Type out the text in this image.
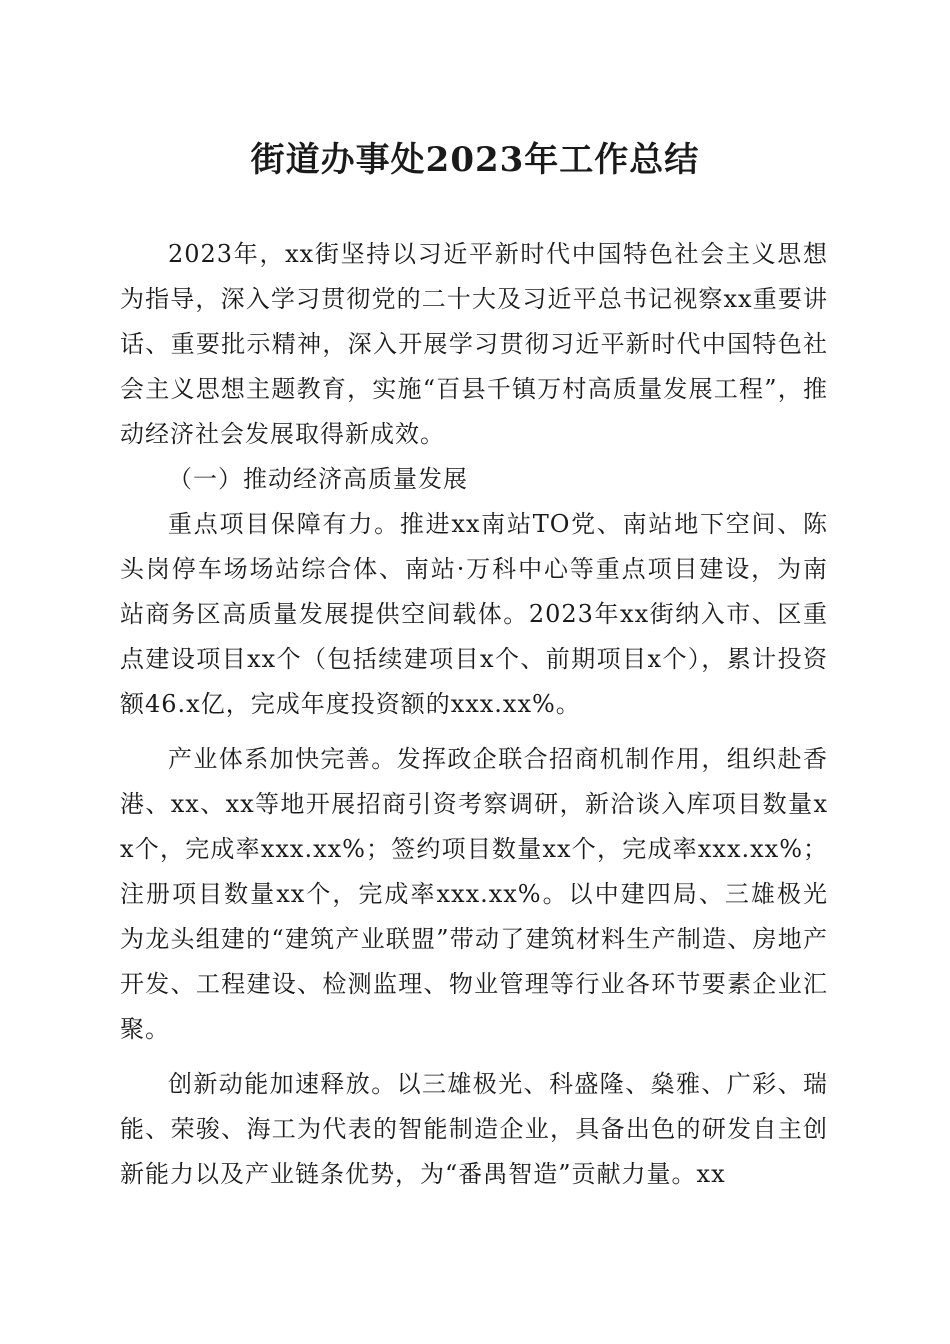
街道办事处2023年工作总结

2023年，xx街坚持以习近平新时代中国特色社会主义思想为指导，深入学习贯彻党的二十大及习近平总书记视察xx重要讲话、重要批示精神，深入开展学习贯彻习近平新时代中国特色社会主义思想主题教育，实施“百县千镇万村高质量发展工程”，推动经济社会发展取得新成效。

（一）推动经济高质量发展

重点项目保障有力。推进xx南站TO党、南站地下空间、陈头岗停车场场站综合体、南站·万科中心等重点项目建设，为南站商务区高质量发展提供空间载体。2023年xx街纳入市、区重点建设项目xx个（包括续建项目x个、前期项目x个），累计投资额46.x亿，完成年度投资额的xxx.xx%。

产业体系加快完善。发挥政企联合招商机制作用，组织赴香港、xx、xx等地开展招商引资考察调研，新洽谈入库项目数量xx个，完成率xxx.xx%；签约项目数量xx个，完成率xxx.xx%；注册项目数量xx个，完成率xxx.xx%。以中建四局、三雄极光为龙头组建的“建筑产业联盟”带动了建筑材料生产制造、房地产开发、工程建设、检测监理、物业管理等行业各环节要素企业汇聚。

创新动能加速释放。以三雄极光、科盛隆、燊雅、广彩、瑞能、荣骏、海工为代表的智能制造企业，具备出色的研发自主创新能力以及产业链条优势，为“番禺智造”贡献力量。xx
